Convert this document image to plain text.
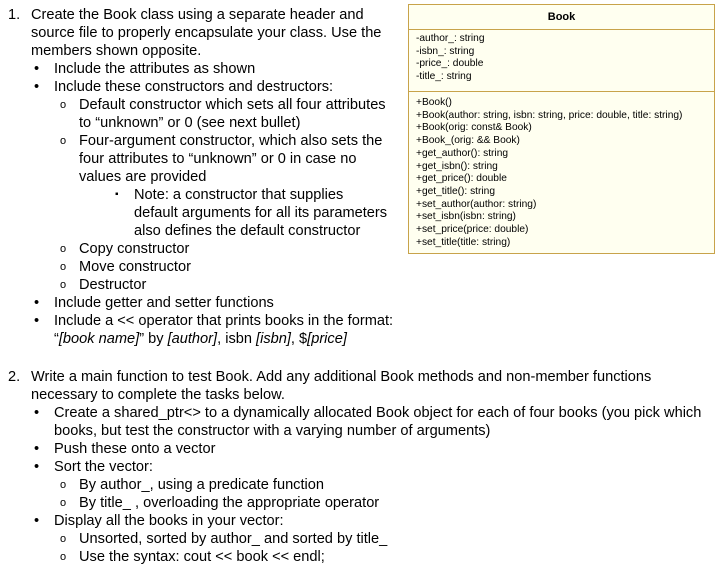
1. Create the Book class using a separate header and
source file to properly encapsulate your class. Use the
members shown opposite.
• Include the attributes as shown
• Include these constructors and destructors:
o Default constructor which sets all four attributes
to “unknown” or 0 (see next bullet)
o Four-argument constructor, which also sets the
four attributes to “unknown” or 0 in case no
values are provided
▪ Note: a constructor that supplies
default arguments for all its parameters
also defines the default constructor
o Copy constructor
o Move constructor
o Destructor
• Include getter and setter functions
• Include a << operator that prints books in the format:
“[book name]” by [author], isbn [isbn], $[price]
Book
-author_: string
-isbn_: string
-price_: double
-title_: string
+Book()
+Book(author: string, isbn: string, price: double, title: string)
+Book(orig: const& Book)
+Book_(orig: && Book)
+get_author(): string
+get_isbn(): string
+get_price(): double
+get_title(): string
+set_author(author: string)
+set_isbn(isbn: string)
+set_price(price: double)
+set_title(title: string)
2. Write a main function to test Book. Add any additional Book methods and non-member functions
necessary to complete the tasks below.
• Create a shared_ptr<> to a dynamically allocated Book object for each of four books (you pick which
books, but test the constructor with a varying number of arguments)
• Push these onto a vector
• Sort the vector:
o By author_, using a predicate function
o By title_ , overloading the appropriate operator
• Display all the books in your vector:
o Unsorted, sorted by author_ and sorted by title_
o Use the syntax: cout << book << endl;
